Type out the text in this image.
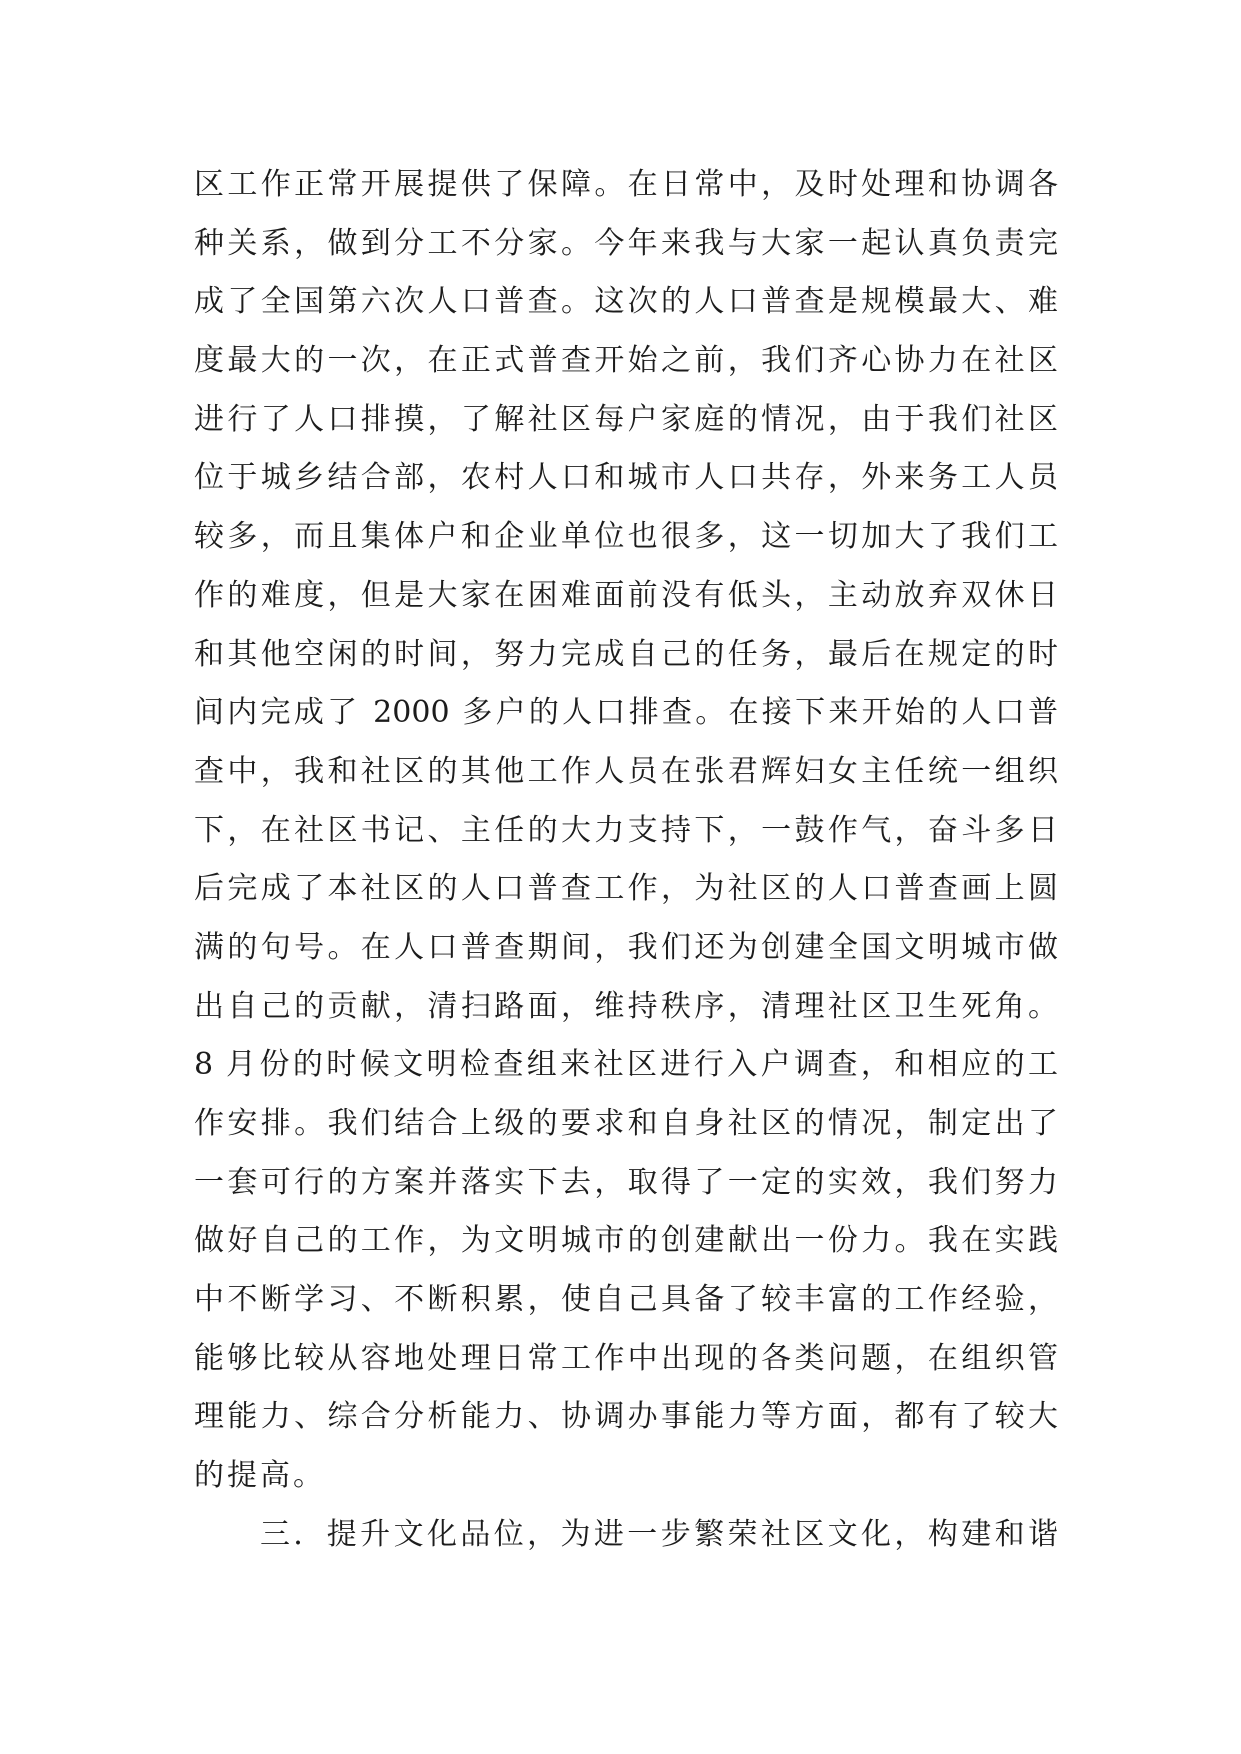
区工作正常开展提供了保障。在日常中，及时处理和协调各
种关系，做到分工不分家。今年来我与大家一起认真负责完
成了全国第六次人口普查。这次的人口普查是规模最大、难
度最大的一次，在正式普查开始之前，我们齐心协力在社区
进行了人口排摸，了解社区每户家庭的情况，由于我们社区
位于城乡结合部，农村人口和城市人口共存，外来务工人员
较多，而且集体户和企业单位也很多，这一切加大了我们工
作的难度，但是大家在困难面前没有低头，主动放弃双休日
和其他空闲的时间，努力完成自己的任务，最后在规定的时
间内完成了 2000 多户的人口排查。在接下来开始的人口普
查中，我和社区的其他工作人员在张君辉妇女主任统一组织
下，在社区书记、主任的大力支持下，一鼓作气，奋斗多日
后完成了本社区的人口普查工作，为社区的人口普查画上圆
满的句号。在人口普查期间，我们还为创建全国文明城市做
出自己的贡献，清扫路面，维持秩序，清理社区卫生死角。
8 月份的时候文明检查组来社区进行入户调查，和相应的工
作安排。我们结合上级的要求和自身社区的情况，制定出了
一套可行的方案并落实下去，取得了一定的实效，我们努力
做好自己的工作，为文明城市的创建献出一份力。我在实践
中不断学习、不断积累，使自己具备了较丰富的工作经验，
能够比较从容地处理日常工作中出现的各类问题，在组织管
理能力、综合分析能力、协调办事能力等方面，都有了较大
的提高。
三．提升文化品位，为进一步繁荣社区文化，构建和谐
